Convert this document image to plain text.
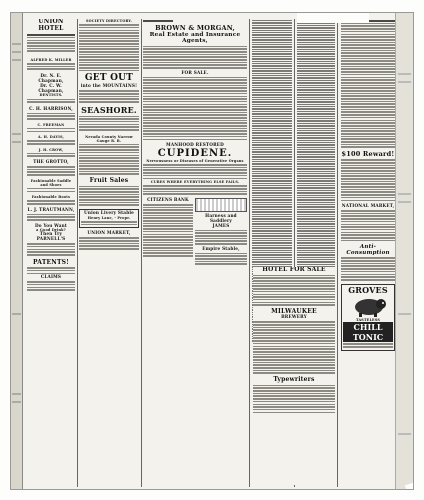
UNION HOTEL
ALFRED K. MILLER
Dr. N. E. Chapman,
Dr. C. W. Chapman,
DENTISTS.
C. H. HARRISON,
C. FREEMAN
A. H. DAVIS,
J. H. CROW,
THE GROTTO,
Fashionable Saddle and Shoes
Fashionable Boots
L. J. TRAUTMANN,
Do You Want
a Good Drink?
Then Try PARNELL'S
PATENTS!
CLAIMS
SOCIETY DIRECTORY.
GET OUT
into the MOUNTAINS!
SEASHORE.
Nevada County Narrow Gauge R. R.
Fruit Sales
Union Livery Stable
Henry Lane, - Propr.
UNION MARKET,
BROWN & MORGAN,
Real Estate and Insurance Agents,
FOR SALE.
MANHOOD RESTORED
CUPIDENE.
Nervousness or Diseases of Generative Organs
CURES WHERE EVERYTHING ELSE FAILS.
CITIZENS BANK
Harness and Saddlery
JAMES
Empire Stable,
HOTEL FOR SALE
MILWAUKEE
BREWERY
Typewriters
$100 Reward!
NATIONAL MARKET,
Anti-Consumption
GROVES
TASTELESS
CHILL
TONIC
